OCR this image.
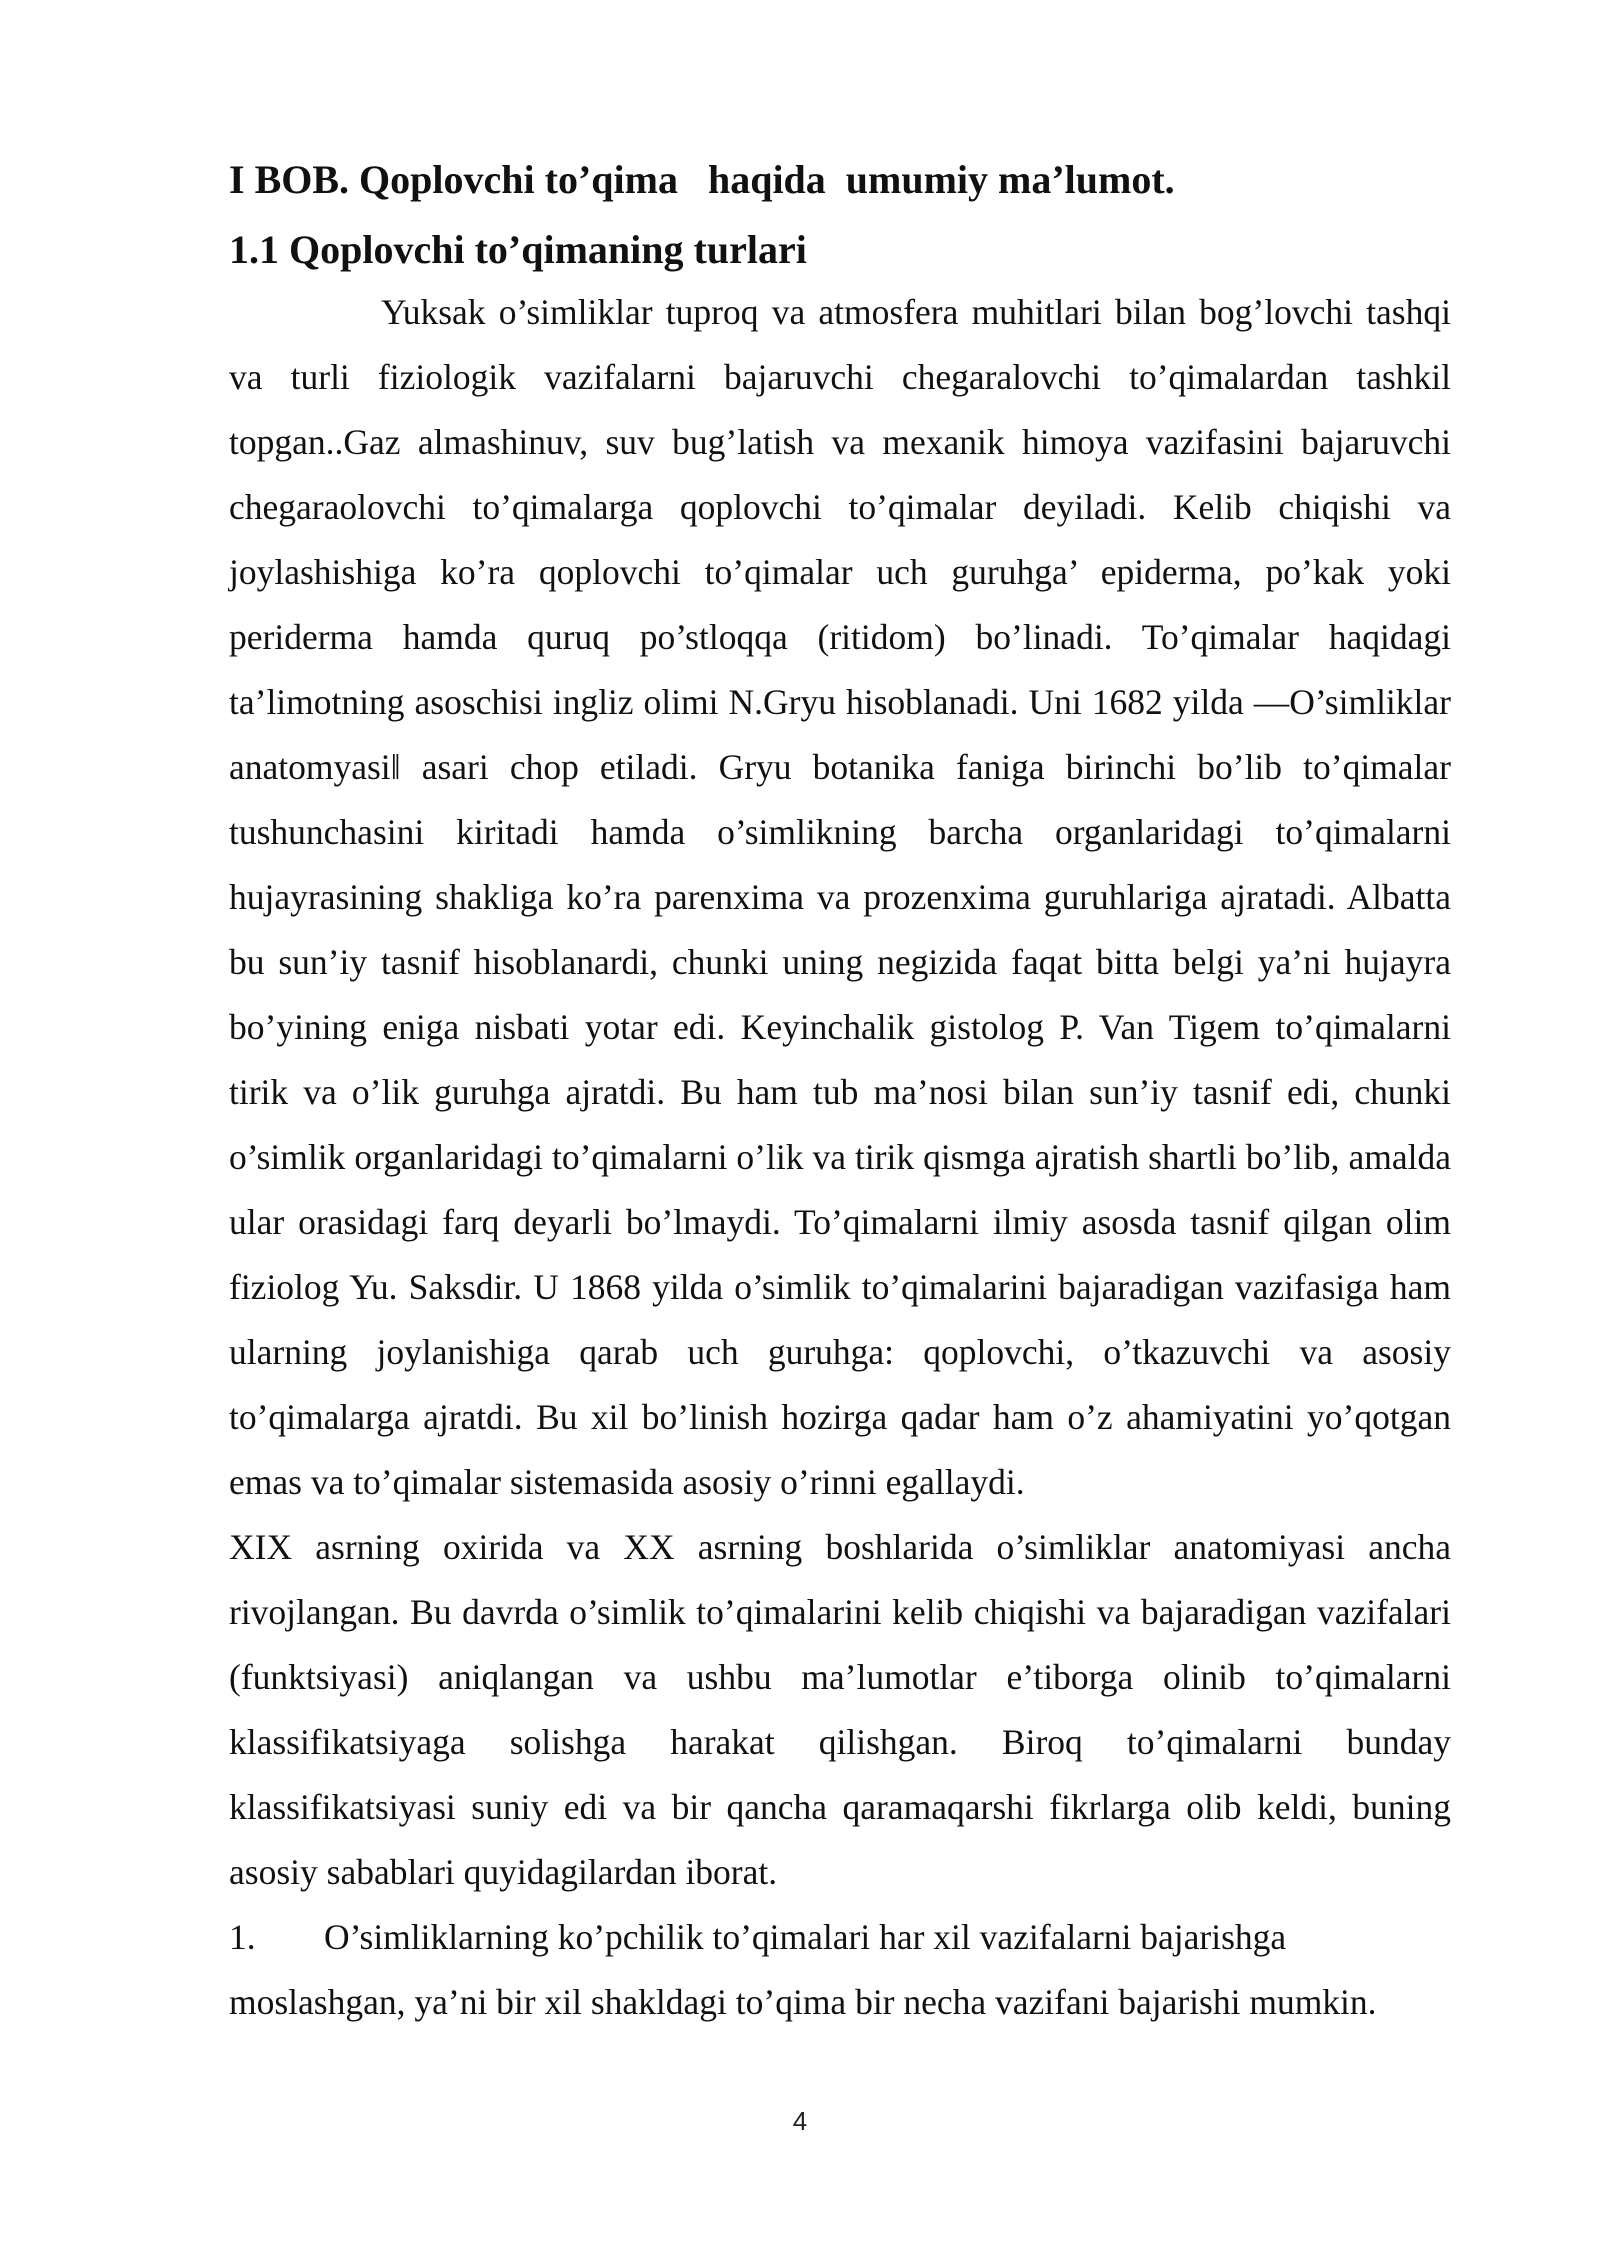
I BOB. Qoplovchi to’qima   haqida  umumiy ma’lumot.
1.1 Qoplovchi to’qimaning turlari

Yuksak o’simliklar tuproq va atmosfera muhitlari bilan bog’lovchi tashqi va turli fiziologik vazifalarni bajaruvchi chegaralovchi to’qimalardan tashkil topgan..Gaz almashinuv, suv bug’latish va mexanik himoya vazifasini bajaruvchi chegaraolovchi to’qimalarga qoplovchi to’qimalar deyiladi. Kelib chiqishi va joylashishiga ko’ra qoplovchi to’qimalar uch guruhga’ epiderma, po’kak yoki periderma hamda quruq po’stloqqa (ritidom) bo’linadi. To’qimalar haqidagi ta’limotning asoschisi ingliz olimi N.Gryu hisoblanadi. Uni 1682 yilda ―O’simliklar anatomyasi‖ asari chop etiladi. Gryu botanika faniga birinchi bo’lib to’qimalar tushunchasini kiritadi hamda o’simlikning barcha organlaridagi to’qimalarni hujayrasining shakliga ko’ra parenxima va prozenxima guruhlariga ajratadi. Albatta bu sun’iy tasnif hisoblanardi, chunki uning negizida faqat bitta belgi ya’ni hujayra bo’yining eniga nisbati yotar edi. Keyinchalik gistolog P. Van Tigem to’qimalarni tirik va o’lik guruhga ajratdi. Bu ham tub ma’nosi bilan sun’iy tasnif edi, chunki o’simlik organlaridagi to’qimalarni o’lik va tirik qismga ajratish shartli bo’lib, amalda ular orasidagi farq deyarli bo’lmaydi. To’qimalarni ilmiy asosda tasnif qilgan olim fiziolog Yu. Saksdir. U 1868 yilda o’simlik to’qimalarini bajaradigan vazifasiga ham ularning joylanishiga qarab uch guruhga: qoplovchi, o’tkazuvchi va asosiy to’qimalarga ajratdi. Bu xil bo’linish hozirga qadar ham o’z ahamiyatini yo’qotgan emas va to’qimalar sistemasida asosiy o’rinni egallaydi.

XIX asrning oxirida va XX asrning boshlarida o’simliklar anatomiyasi ancha rivojlangan. Bu davrda o’simlik to’qimalarini kelib chiqishi va bajaradigan vazifalari (funktsiyasi) aniqlangan va ushbu ma’lumotlar e’tiborga olinib to’qimalarni klassifikatsiyaga solishga harakat qilishgan. Biroq to’qimalarni bunday klassifikatsiyasi suniy edi va bir qancha qaramaqarshi fikrlarga olib keldi, buning asosiy sabablari quyidagilardan iborat.

1. O’simliklarning ko’pchilik to’qimalari har xil vazifalarni bajarishga
moslashgan, ya’ni bir xil shakldagi to’qima bir necha vazifani bajarishi mumkin.
4
